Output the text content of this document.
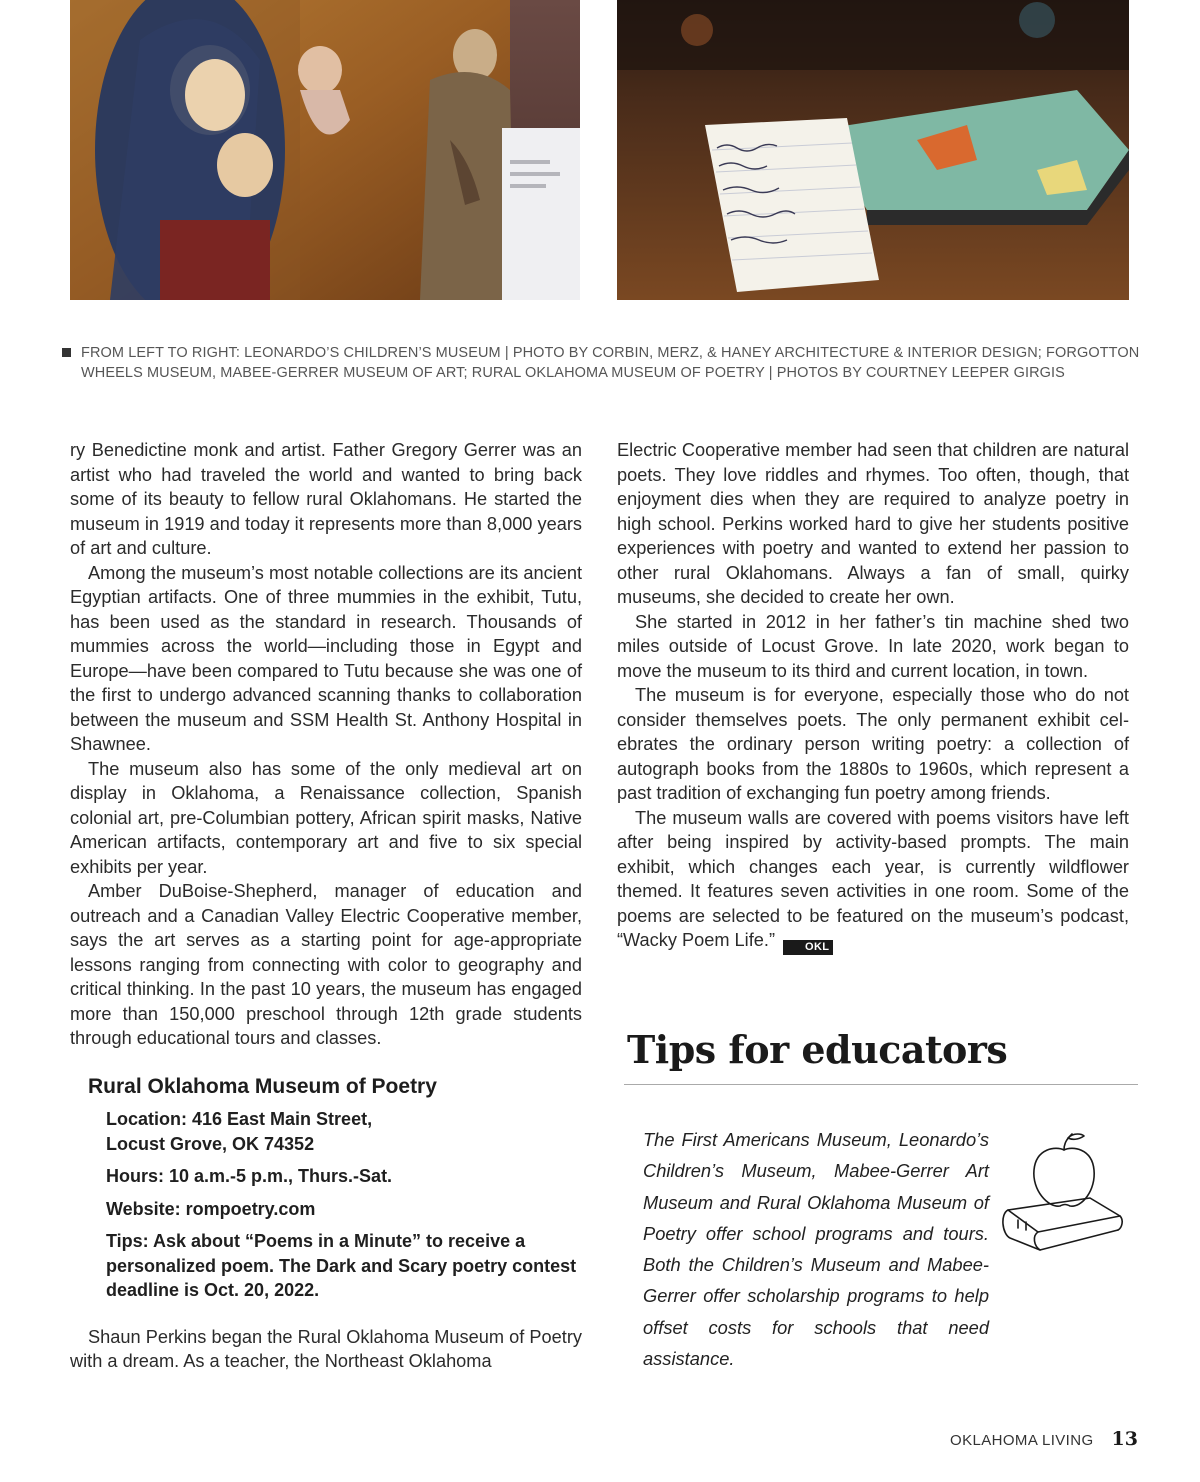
FROM LEFT TO RIGHT: LEONARDO’S CHILDREN’S MUSEUM | PHOTO BY CORBIN, MERZ, & HANEY ARCHITECTURE & INTERIOR DESIGN; FORGOTTON WHEELS MUSEUM, MABEE-GERRER MUSEUM OF ART; RURAL OKLAHOMA MUSEUM OF POETRY | PHOTOS BY COURTNEY LEEPER GIRGIS

ry Benedictine monk and artist. Father Gregory Gerrer was an artist who had traveled the world and wanted to bring back some of its beauty to fellow rural Oklahomans. He started the museum in 1919 and today it represents more than 8,000 years of art and culture.

Among the museum’s most notable collections are its ancient Egyptian artifacts. One of three mummies in the exhibit, Tutu, has been used as the standard in research. Thousands of mummies across the world—including those in Egypt and Europe—have been compared to Tutu because she was one of the first to undergo advanced scanning thanks to collaboration between the museum and SSM Health St. Anthony Hospital in Shawnee.

The museum also has some of the only medieval art on display in Oklahoma, a Renaissance collection, Spanish colonial art, pre-Columbian pottery, African spirit masks, Native American artifacts, contemporary art and five to six special exhibits per year.

Amber DuBoise-Shepherd, manager of education and outreach and a Canadian Valley Electric Cooperative member, says the art serves as a starting point for age-appropriate lessons ranging from connecting with color to geography and critical thinking. In the past 10 years, the museum has engaged more than 150,000 preschool through 12th grade students through educational tours and classes.

Rural Oklahoma Museum of Poetry
Location: 416 East Main Street,
Locust Grove, OK 74352
Hours: 10 a.m.-5 p.m., Thurs.-Sat.
Website: rompoetry.com
Tips: Ask about “Poems in a Minute” to receive a personalized poem. The Dark and Scary poetry contest deadline is Oct. 20, 2022.

Shaun Perkins began the Rural Oklahoma Museum of Poetry with a dream. As a teacher, the Northeast Oklahoma

Electric Cooperative member had seen that children are natural poets. They love riddles and rhymes. Too often, though, that enjoyment dies when they are required to analyze poetry in high school. Perkins worked hard to give her students positive experiences with poetry and wanted to extend her passion to other rural Oklahomans. Always a fan of small, quirky museums, she decided to create her own.

She started in 2012 in her father’s tin machine shed two miles outside of Locust Grove. In late 2020, work began to move the museum to its third and current location, in town.

The museum is for everyone, especially those who do not consider themselves poets. The only permanent exhibit celebrates the ordinary person writing poetry: a collection of autograph books from the 1880s to 1960s, which represent a past tradition of exchanging fun poetry among friends.

The museum walls are covered with poems visitors have left after being inspired by activity-based prompts. The main exhibit, which changes each year, is currently wildflower themed. It features seven activities in one room. Some of the poems are selected to be featured on the museum’s podcast, “Wacky Poem Life.”	OKL

Tips for educators

The First Americans Museum, Leonardo’s Children’s Museum, Mabee-Gerrer Art Museum and Rural Oklahoma Museum of Poetry offer school programs and tours. Both the Children’s Museum and Mabee-Gerrer offer scholarship programs to help offset costs for schools that need assistance.

OKLAHOMA LIVING 13
